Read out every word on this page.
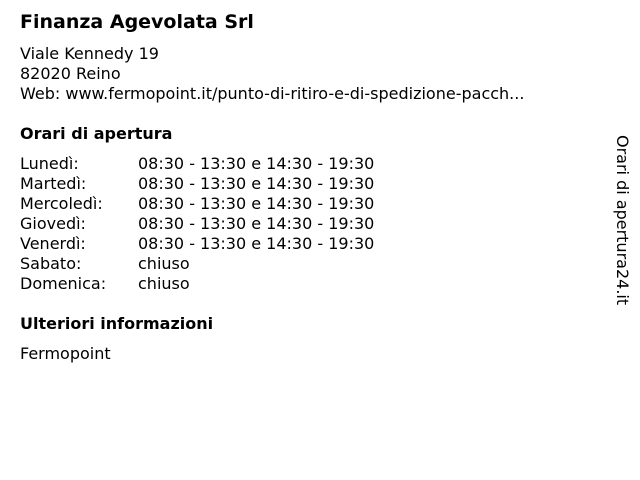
Finanza Agevolata Srl
Viale Kennedy 19
82020 Reino
Web: www.fermopoint.it/punto-di-ritiro-e-di-spedizione-pacch...
Orari di apertura
Lunedì:	08:30 - 13:30 e 14:30 - 19:30
Martedì:	08:30 - 13:30 e 14:30 - 19:30
Mercoledì: 08:30 - 13:30 e 14:30 - 19:30
Giovedì:	08:30 - 13:30 e 14:30 - 19:30
Venerdì:	08:30 - 13:30 e 14:30 - 19:30
Sabato:	chiuso
Domenica: chiuso
Ulteriori informazioni
Fermopoint
Orari di apertura24.it
